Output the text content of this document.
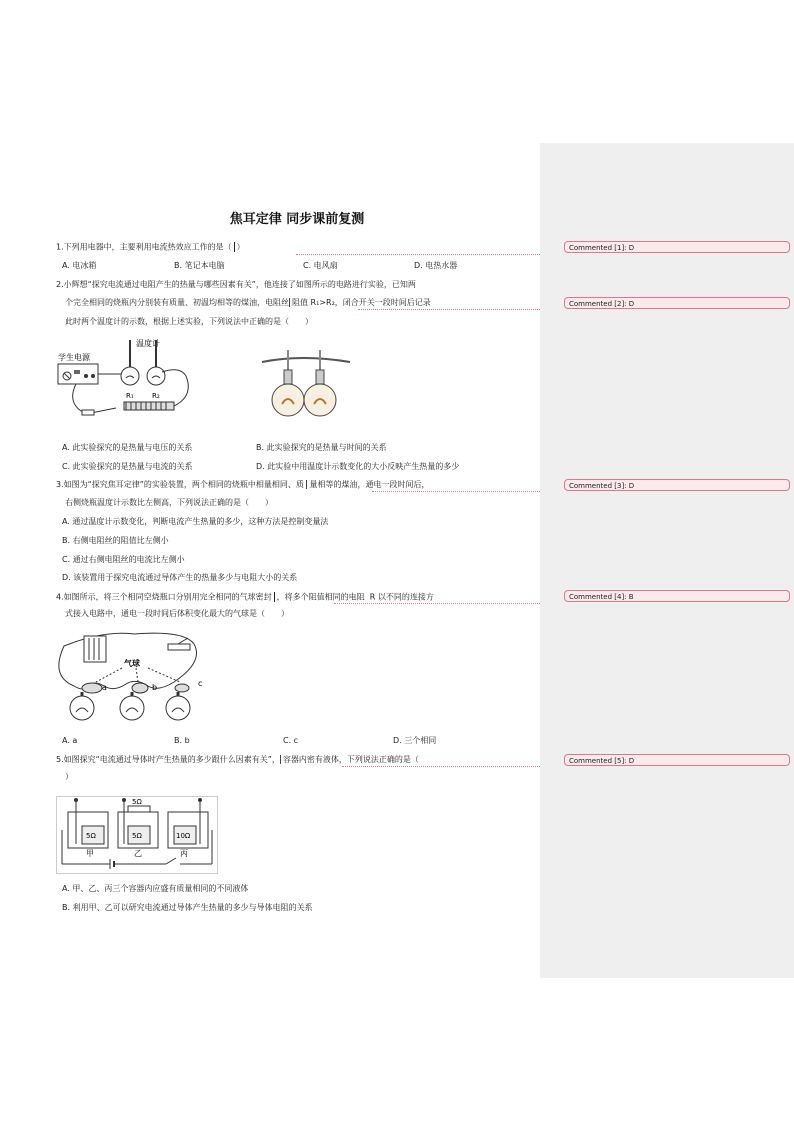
焦耳定律 同步课前复测
1.下列用电器中，主要利用电流热效应工作的是（ ）
A. 电冰箱	B. 笔记本电脑	C. 电风扇	D. 电热水器
2.小辉想“探究电流通过电阻产生的热量与哪些因素有关”，他连接了如图所示的电路进行实验，已知两
个完全相同的烧瓶内分别装有质量、初温均相等的煤油，电阻丝 阻值 R₁>R₂，闭合开关一段时间后记录
此时两个温度计的示数，根据上述实验，下列说法中正确的是（　　）
学生电源
温度计
R₁	R₂
A. 此实验探究的是热量与电压的关系	B. 此实验探究的是热量与时间的关系
C. 此实验探究的是热量与电流的关系	D. 此实验中用温度计示数变化的大小反映产生热量的多少
3.如图为“探究焦耳定律”的实验装置，两个相同的烧瓶中相量相同、质 量相等的煤油，通电一段时间后，
右侧烧瓶温度计示数比左侧高，下列说法正确的是（　　）
A. 通过温度计示数变化，判断电流产生热量的多少，这种方法是控制变量法
B. 右侧电阻丝的阻值比左侧小
C. 通过右侧电阻丝的电流比左侧小
D. 该装置用于探究电流通过导体产生的热量多少与电阻大小的关系
4.如图所示，将三个相同空烧瓶口分别用完全相同的气球密封 ，将多个阻值相同的电阻 R 以不同的连接方
式接入电路中，通电一段时间后体积变化最大的气球是（　　）
气球
a	b	c
A. a	B. b	C. c	D. 三个相同
5.如图探究“电流通过导体时产生热量的多少跟什么因素有关”， 容器内密有液体，下列说法正确的是（
）
5Ω	5Ω	10Ω
5Ω
甲	乙	丙
A. 甲、乙、丙三个容器内应盛有质量相同的不同液体
B. 利用甲、乙可以研究电流通过导体产生热量的多少与导体电阻的关系
Commented [1]: D
Commented [2]: D
Commented [3]: D
Commented [4]: B
Commented [5]: D
